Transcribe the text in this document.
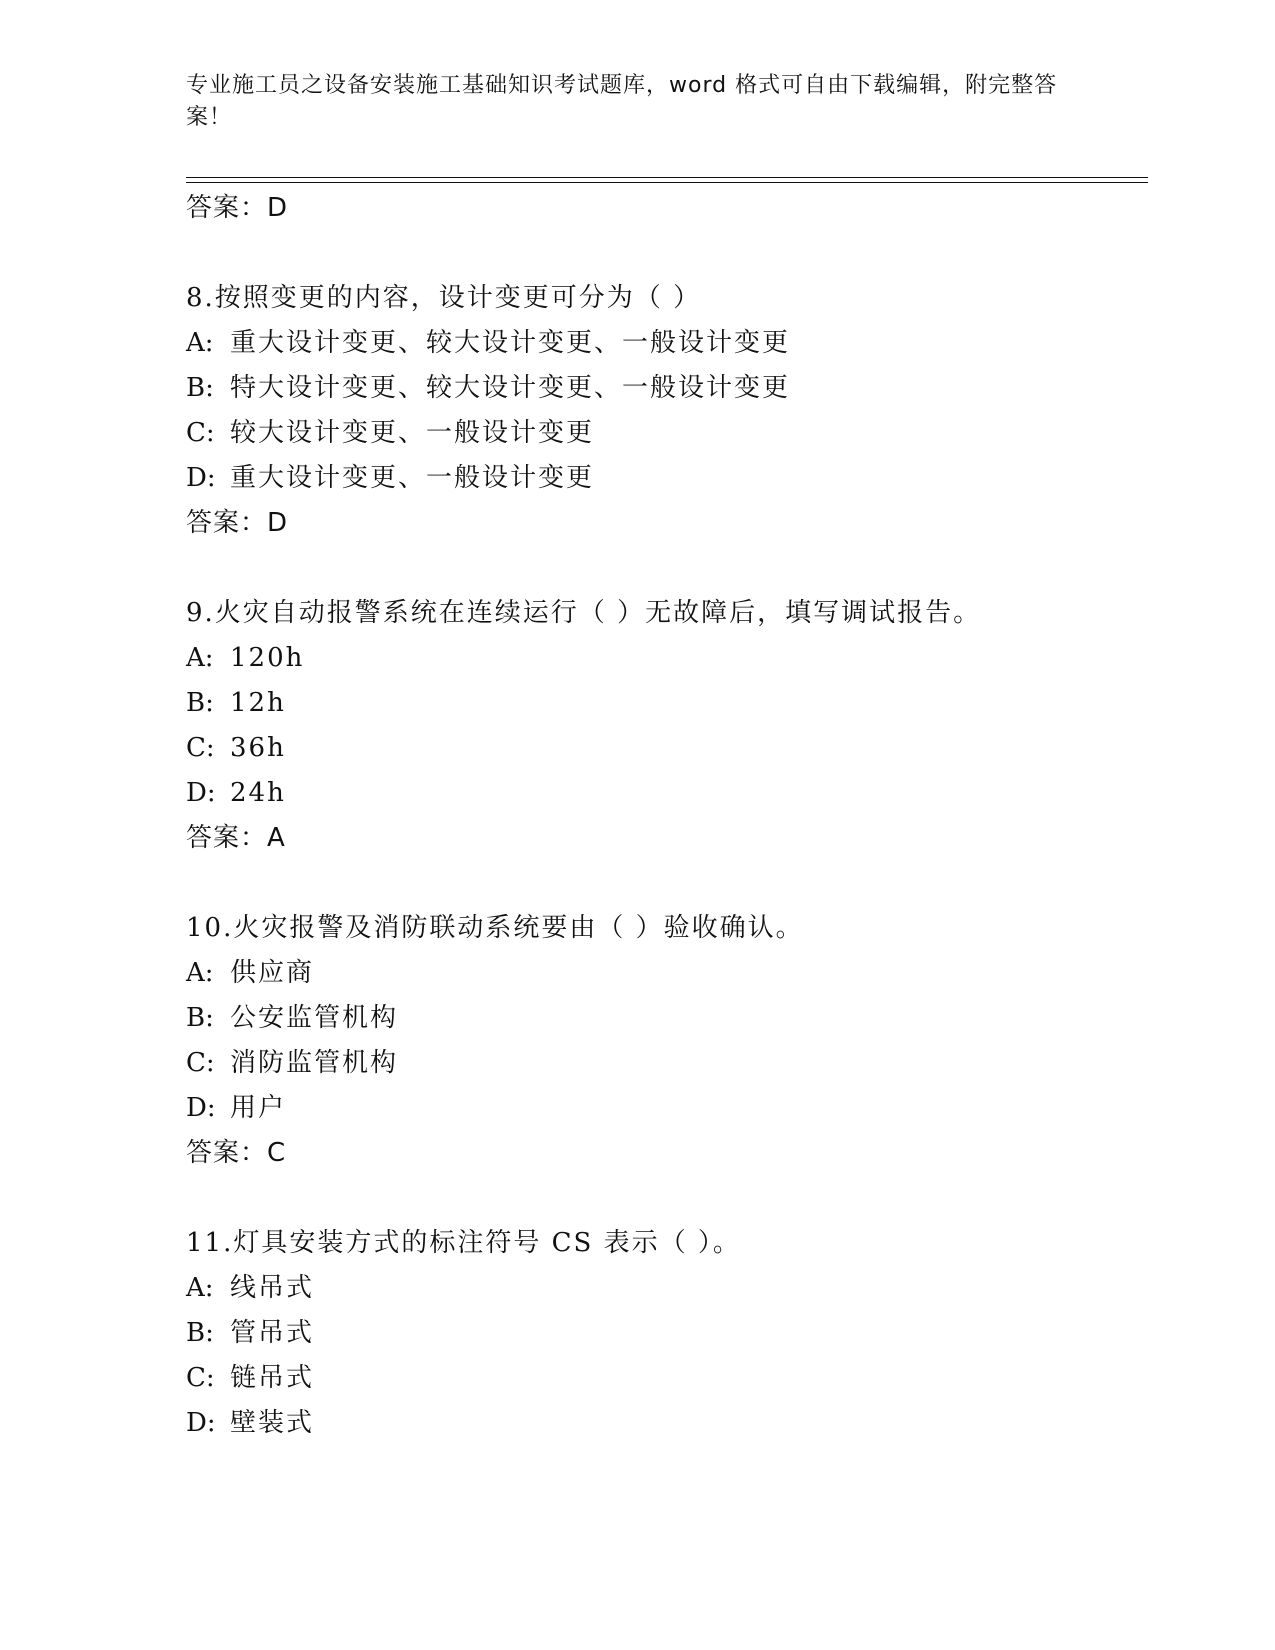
专业施工员之设备安装施工基础知识考试题库，word 格式可自由下载编辑，附完整答案！
答案：D
8.按照变更的内容，设计变更可分为（ ）
A: 重大设计变更、较大设计变更、一般设计变更
B: 特大设计变更、较大设计变更、一般设计变更
C: 较大设计变更、一般设计变更
D: 重大设计变更、一般设计变更
答案：D
9.火灾自动报警系统在连续运行（ ）无故障后，填写调试报告。
A: 120h
B: 12h
C: 36h
D: 24h
答案：A
10.火灾报警及消防联动系统要由（ ）验收确认。
A: 供应商
B: 公安监管机构
C: 消防监管机构
D: 用户
答案：C
11.灯具安装方式的标注符号 CS 表示（ ）。
A: 线吊式
B: 管吊式
C: 链吊式
D: 壁装式
